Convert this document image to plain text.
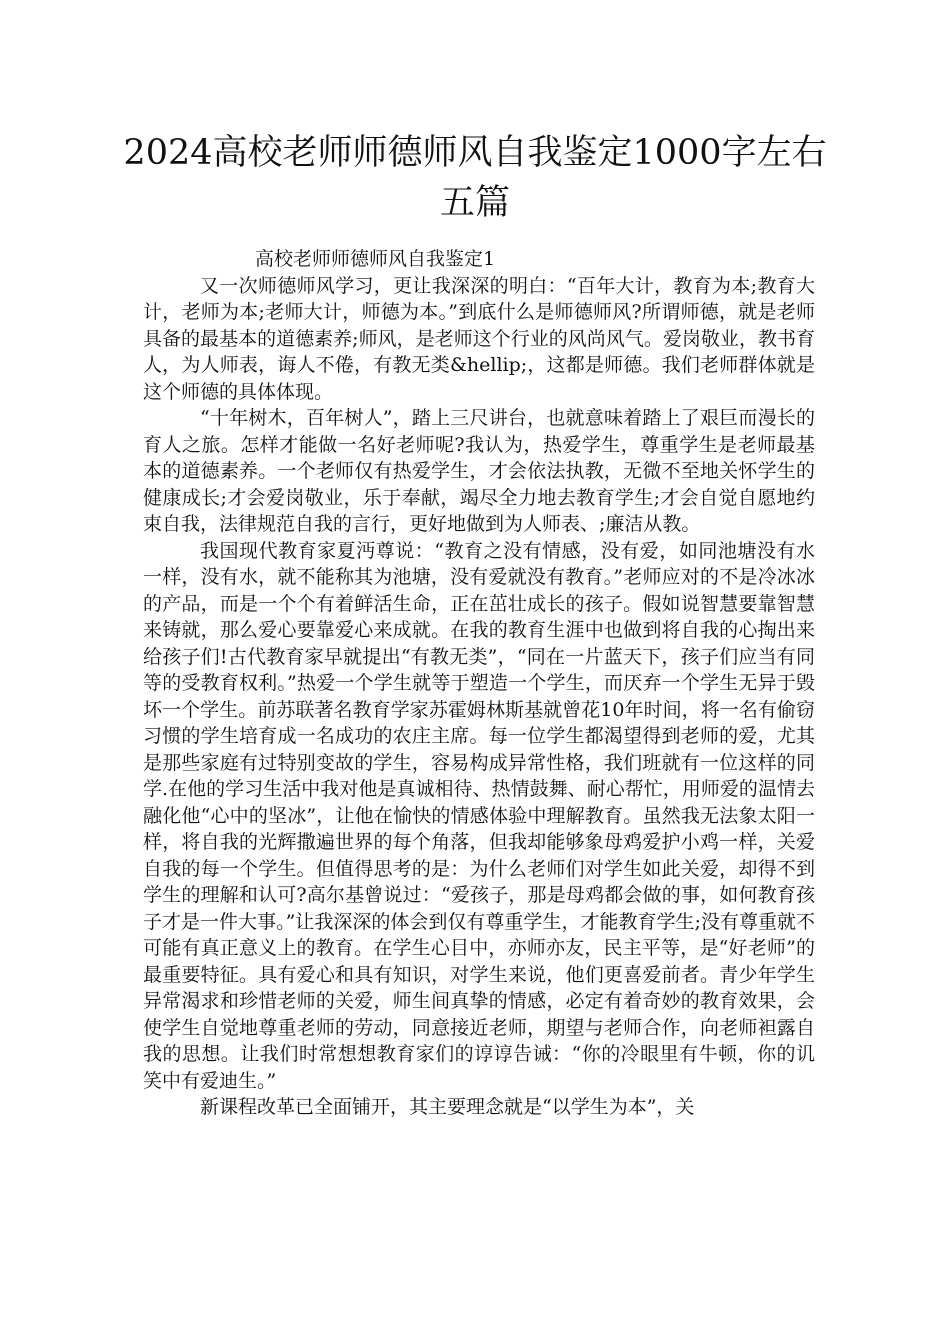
2024高校老师师德师风自我鉴定1000字左右五篇

高校老师师德师风自我鉴定1

又一次师德师风学习，更让我深深的明白：“百年大计，教育为本;教育大计，老师为本;老师大计，师德为本。”到底什么是师德师风?所谓师德，就是老师具备的最基本的道德素养;师风，是老师这个行业的风尚风气。爱岗敬业，教书育人，为人师表，诲人不倦，有教无类&hellip;，这都是师德。我们老师群体就是这个师德的具体体现。

“十年树木，百年树人”，踏上三尺讲台，也就意味着踏上了艰巨而漫长的育人之旅。怎样才能做一名好老师呢?我认为，热爱学生，尊重学生是老师最基本的道德素养。一个老师仅有热爱学生，才会依法执教，无微不至地关怀学生的健康成长;才会爱岗敬业，乐于奉献，竭尽全力地去教育学生;才会自觉自愿地约束自我，法律规范自我的言行，更好地做到为人师表、;廉洁从教。

我国现代教育家夏沔尊说：“教育之没有情感，没有爱，如同池塘没有水一样，没有水，就不能称其为池塘，没有爱就没有教育。”老师应对的不是冷冰冰的产品，而是一个个有着鲜活生命，正在茁壮成长的孩子。假如说智慧要靠智慧来铸就，那么爱心要靠爱心来成就。在我的教育生涯中也做到将自我的心掏出来给孩子们!古代教育家早就提出“有教无类”，“同在一片蓝天下，孩子们应当有同等的受教育权利。”热爱一个学生就等于塑造一个学生，而厌弃一个学生无异于毁坏一个学生。前苏联著名教育学家苏霍姆林斯基就曾花10年时间，将一名有偷窃习惯的学生培育成一名成功的农庄主席。每一位学生都渴望得到老师的爱，尤其是那些家庭有过特别变故的学生，容易构成异常性格，我们班就有一位这样的同学.在他的学习生活中我对他是真诚相待、热情鼓舞、耐心帮忙，用师爱的温情去融化他“心中的坚冰”，让他在愉快的情感体验中理解教育。虽然我无法象太阳一样，将自我的光辉撒遍世界的每个角落，但我却能够象母鸡爱护小鸡一样，关爱自我的每一个学生。但值得思考的是：为什么老师们对学生如此关爱，却得不到学生的理解和认可?高尔基曾说过：“爱孩子，那是母鸡都会做的事，如何教育孩子才是一件大事。”让我深深的体会到仅有尊重学生，才能教育学生;没有尊重就不可能有真正意义上的教育。在学生心目中，亦师亦友，民主平等，是“好老师”的最重要特征。具有爱心和具有知识，对学生来说，他们更喜爱前者。青少年学生异常渴求和珍惜老师的关爱，师生间真挚的情感，必定有着奇妙的教育效果，会使学生自觉地尊重老师的劳动，同意接近老师，期望与老师合作，向老师袒露自我的思想。让我们时常想想教育家们的谆谆告诫：“你的冷眼里有牛顿，你的讥笑中有爱迪生。”

新课程改革已全面铺开，其主要理念就是“以学生为本”，关
